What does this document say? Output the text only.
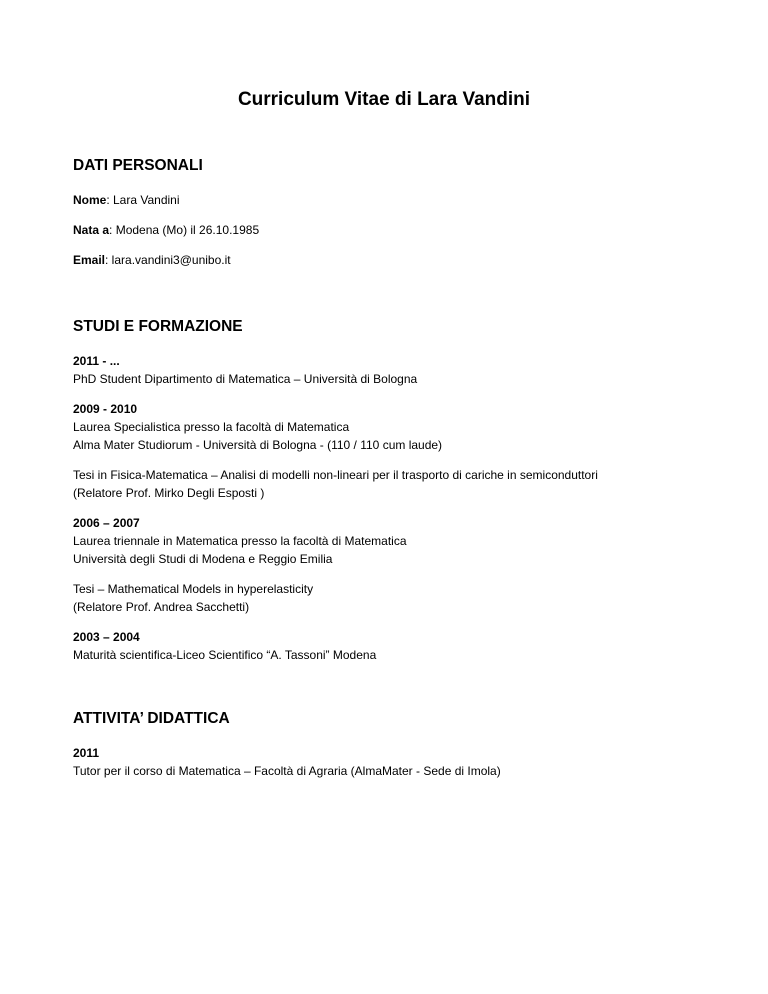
Curriculum Vitae di Lara Vandini
DATI PERSONALI

Nome: Lara Vandini

Nata a: Modena (Mo) il 26.10.1985

Email: lara.vandini3@unibo.it

STUDI E FORMAZIONE

2011 - ...

PhD Student Dipartimento di Matematica – Università di Bologna

2009 - 2010

Laurea Specialistica presso la facoltà di Matematica

Alma Mater Studiorum - Università di Bologna - (110 / 110 cum laude)

Tesi in Fisica-Matematica – Analisi di modelli non-lineari per il trasporto di cariche in semiconduttori

(Relatore Prof. Mirko Degli Esposti )

2006 – 2007

Laurea triennale in Matematica presso la facoltà di Matematica

Università degli Studi di Modena e Reggio Emilia

Tesi – Mathematical Models in hyperelasticity

(Relatore Prof. Andrea Sacchetti)

2003 – 2004

Maturità scientifica-Liceo Scientifico “A. Tassoni” Modena

ATTIVITA’ DIDATTICA

2011

Tutor per il corso di Matematica – Facoltà di Agraria (AlmaMater - Sede di Imola)
